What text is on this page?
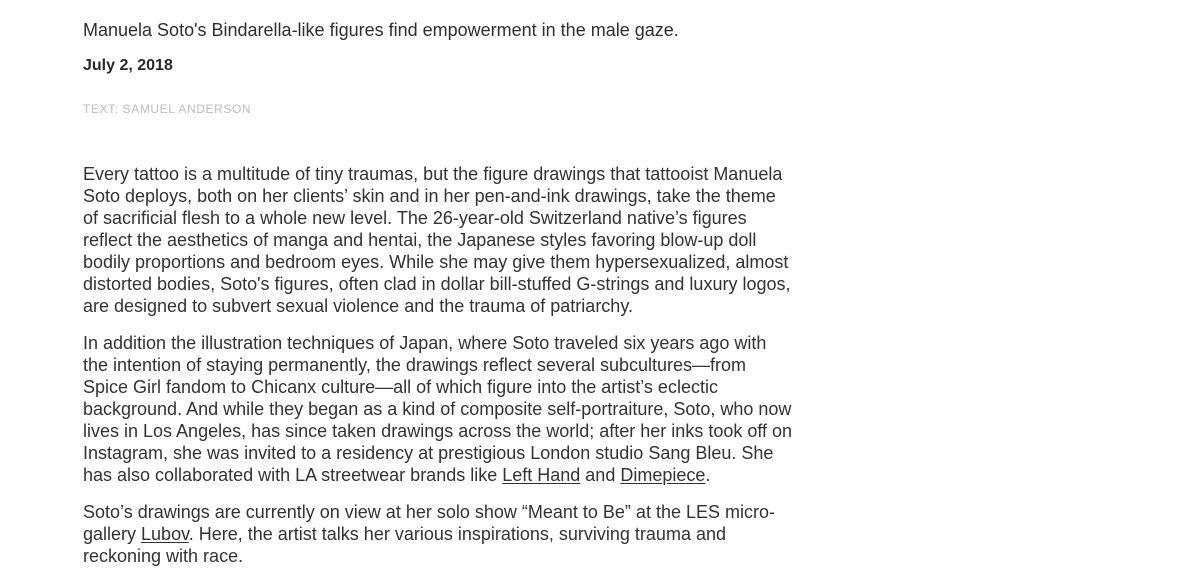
Manuela Soto's Bindarella-like figures find empowerment in the male gaze.

July 2, 2018

TEXT: SAMUEL ANDERSON

Every tattoo is a multitude of tiny traumas, but the figure drawings that tattooist Manuela Soto deploys, both on her clients’ skin and in her pen-and-ink drawings, take the theme of sacrificial flesh to a whole new level. The 26-year-old Switzerland native’s figures reflect the aesthetics of manga and hentai, the Japanese styles favoring blow-up doll bodily proportions and bedroom eyes. While she may give them hypersexualized, almost distorted bodies, Soto's figures, often clad in dollar bill-stuffed G-strings and luxury logos, are designed to subvert sexual violence and the trauma of patriarchy.

In addition the illustration techniques of Japan, where Soto traveled six years ago with the intention of staying permanently, the drawings reflect several subcultures—from Spice Girl fandom to Chicanx culture—all of which figure into the artist’s eclectic background. And while they began as a kind of composite self-portraiture, Soto, who now lives in Los Angeles, has since taken drawings across the world; after her inks took off on Instagram, she was invited to a residency at prestigious London studio Sang Bleu. She has also collaborated with LA streetwear brands like Left Hand and Dimepiece.

Soto’s drawings are currently on view at her solo show “Meant to Be” at the LES micro-gallery Lubov. Here, the artist talks her various inspirations, surviving trauma and reckoning with race.
